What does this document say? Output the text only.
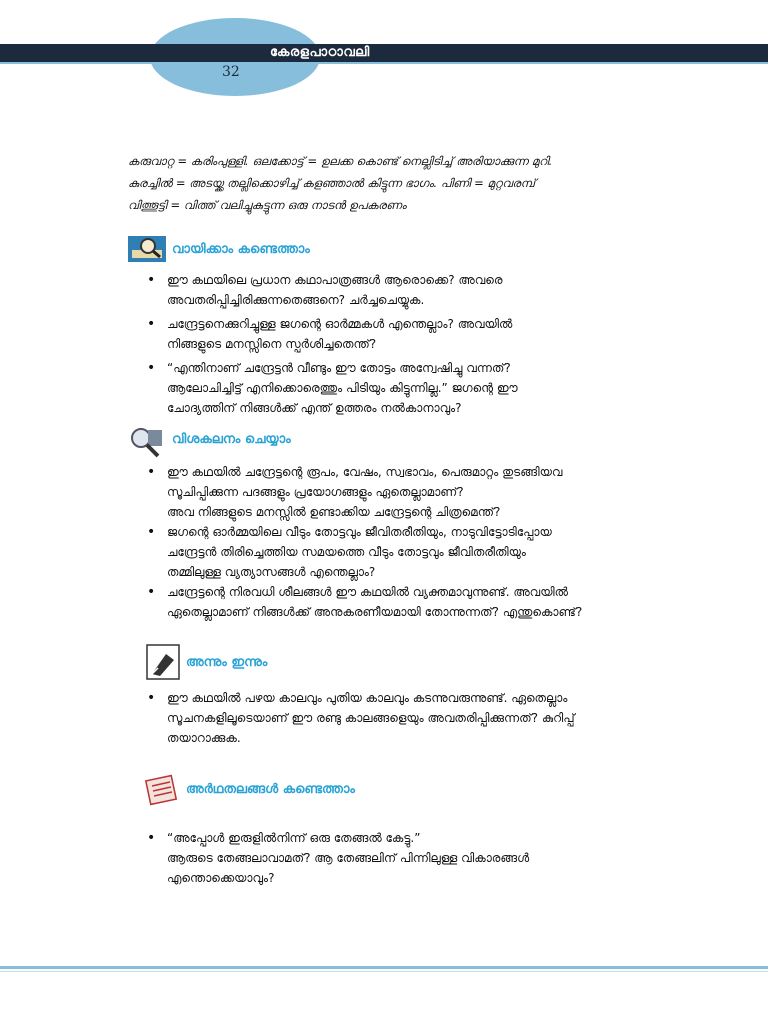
കേരളപാഠാവലി
32
കരുവാറ്റ = കരിംപുള്ളി. ഒലക്കോട്ട് = ഉലക്ക കൊണ്ട് നെല്ലിടിച്ച് അരിയാക്കുന്ന മുറി.
കുരച്ചിൽ = അടയ്ക്ക തല്ലിക്കൊഴിച്ച് കളഞ്ഞാൽ കിട്ടുന്ന ഭാഗം. പിണി = മുറ്റവരമ്പ്
വിത്തൂട്ടി = വിത്ത് വലിച്ചുകുട്ടുന്ന ഒരു നാടൻ ഉപകരണം
വായിക്കാം കണ്ടെത്താം
• ഈ കഥയിലെ പ്രധാന കഥാപാത്രങ്ങൾ ആരൊക്കെ? അവരെ
അവതരിപ്പിച്ചിരിക്കുന്നതെങ്ങനെ? ചർച്ചചെയ്യുക.
• ചന്ദ്രേട്ടനെക്കുറിച്ചുള്ള ജഗന്റെ ഓർമ്മകൾ എന്തെല്ലാം? അവയിൽ
നിങ്ങളുടെ മനസ്സിനെ സ്പർശിച്ചതെന്ത്?
• “എന്തിനാണ് ചന്ദ്രേട്ടൻ വീണ്ടും ഈ തോട്ടം അന്വേഷിച്ചു വന്നത്?
ആലോചിച്ചിട്ട് എനിക്കൊരെത്തും പിടിയും കിട്ടുന്നില്ല.” ജഗന്റെ ഈ
ചോദ്യത്തിന് നിങ്ങൾക്ക് എന്ത് ഉത്തരം നൽകാനാവും?
വിശകലനം ചെയ്യാം
• ഈ കഥയിൽ ചന്ദ്രേട്ടന്റെ രൂപം, വേഷം, സ്വഭാവം, പെരുമാറ്റം തുടങ്ങിയവ
സൂചിപ്പിക്കുന്ന പദങ്ങളും പ്രയോഗങ്ങളും ഏതെല്ലാമാണ്?
അവ നിങ്ങളുടെ മനസ്സിൽ ഉണ്ടാക്കിയ ചന്ദ്രേട്ടന്റെ ചിത്രമെന്ത്?
• ജഗന്റെ ഓർമ്മയിലെ വീടും തോട്ടവും ജീവിതരീതിയും, നാടുവിട്ടോടിപ്പോയ
ചന്ദ്രേട്ടൻ തിരിച്ചെത്തിയ സമയത്തെ വീടും തോട്ടവും ജീവിതരീതിയും
തമ്മിലുള്ള വ്യത്യാസങ്ങൾ എന്തെല്ലാം?
• ചന്ദ്രേട്ടന്റെ നിരവധി ശീലങ്ങൾ ഈ കഥയിൽ വ്യക്തമാവുന്നുണ്ട്. അവയിൽ
ഏതെല്ലാമാണ് നിങ്ങൾക്ക് അനുകരണീയമായി തോന്നുന്നത്? എന്തുകൊണ്ട്?
അന്നും ഇന്നും
• ഈ കഥയിൽ പഴയ കാലവും പുതിയ കാലവും കടന്നുവരുന്നുണ്ട്. ഏതെല്ലാം
സൂചനകളിലൂടെയാണ് ഈ രണ്ടു കാലങ്ങളെയും അവതരിപ്പിക്കുന്നത്? കുറിപ്പ്
തയാറാക്കുക.
അർഥതലങ്ങൾ കണ്ടെത്താം
• “അപ്പോൾ ഇരുളിൽനിന്ന് ഒരു തേങ്ങൽ കേട്ടു.”
ആരുടെ തേങ്ങലാവാമത്? ആ തേങ്ങലിന് പിന്നിലുള്ള വികാരങ്ങൾ
എന്തൊക്കെയാവും?
